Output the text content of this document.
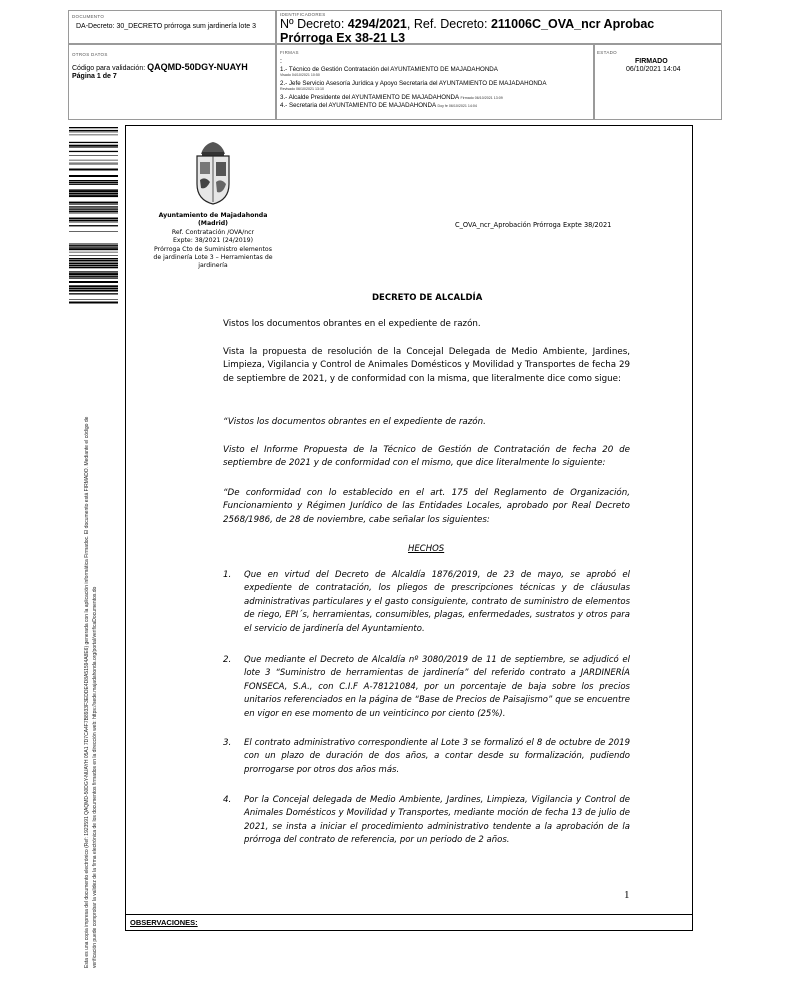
DOCUMENTO
DA-Decreto: 30_DECRETO prórroga sum jardinería lote 3
IDENTIFICADORES
Nº Decreto: 4294/2021, Ref. Decreto: 211006C_OVA_ncr Aprobac
Prórroga Ex 38-21 L3
OTROS DATOS
Código para validación: QAQMD-50DGY-NUAYH
Página 1 de 7
FIRMAS
:
1.- Técnico de Gestión Contratación del AYUNTAMIENTO DE MAJADAHONDA
Visado 04/10/2021 10:50
2.- Jefe Servicio Asesoría Jurídica y Apoyo Secretaría del AYUNTAMIENTO DE MAJADAHONDA
Revisado 06/10/2021 13:10
3.- Alcalde Presidente del AYUNTAMIENTO DE MAJADAHONDA Firmado 06/10/2021 13:09
4.- Secretaria del AYUNTAMIENTO DE MAJADAHONDA Doy fe 06/10/2021 14:04
ESTADO
FIRMADO
06/10/2021 14:04
Esta es una copia impresa del documento electrónico (Ref: 1923591 QAQMD-50DGY-NUAYH 05A1 7D7CA4F7B8933F3EDDE4D8A51594A8E6) generada con la aplicación informática Firmadoc. El documento está FIRMADO. Mediante el código de verificación puede comprobar la validez de la firma electrónica de los documentos firmados en la dirección web: https://sede.majadahonda.org/portal/verificaDocumentos.do
Ayuntamiento de Majadahonda
(Madrid)
Ref. Contratación /OVA/ncr
Expte: 38/2021 (24/2019)
Prórroga Cto de Suministro elementos de jardinería Lote 3 – Herramientas de jardinería
C_OVA_ncr_Aprobación Prórroga Expte 38/2021
DECRETO DE ALCALDÍA
Vistos los documentos obrantes en el expediente de razón.
Vista la propuesta de resolución de la Concejal Delegada de Medio Ambiente, Jardines, Limpieza, Vigilancia y Control de Animales Domésticos y Movilidad y Transportes de fecha 29 de septiembre de 2021, y de conformidad con la misma, que literalmente dice como sigue:
“Vistos los documentos obrantes en el expediente de razón.
Visto el Informe Propuesta de la Técnico de Gestión de Contratación de fecha 20 de septiembre de 2021 y de conformidad con el mismo, que dice literalmente lo siguiente:
“De conformidad con lo establecido en el art. 175 del Reglamento de Organización, Funcionamiento y Régimen Jurídico de las Entidades Locales, aprobado por Real Decreto 2568/1986, de 28 de noviembre, cabe señalar los siguientes:
HECHOS
1. Que en virtud del Decreto de Alcaldía 1876/2019, de 23 de mayo, se aprobó el expediente de contratación, los pliegos de prescripciones técnicas y de cláusulas administrativas particulares y el gasto consiguiente, contrato de suministro de elementos de riego, EPI´s, herramientas, consumibles, plagas, enfermedades, sustratos y otros para el servicio de jardinería del Ayuntamiento.
2. Que mediante el Decreto de Alcaldía nº 3080/2019 de 11 de septiembre, se adjudicó el lote 3 “Suministro de herramientas de jardinería” del referido contrato a JARDINERÍA FONSECA, S.A., con C.I.F A-78121084, por un porcentaje de baja sobre los precios unitarios referenciados en la página de “Base de Precios de Paisajismo” que se encuentre en vigor en ese momento de un veinticinco por ciento (25%).
3. El contrato administrativo correspondiente al Lote 3 se formalizó el 8 de octubre de 2019 con un plazo de duración de dos años, a contar desde su formalización, pudiendo prorrogarse por otros dos años más.
4. Por la Concejal delegada de Medio Ambiente, Jardines, Limpieza, Vigilancia y Control de Animales Domésticos y Movilidad y Transportes, mediante moción de fecha 13 de julio de 2021, se insta a iniciar el procedimiento administrativo tendente a la aprobación de la prórroga del contrato de referencia, por un periodo de 2 años.
1
OBSERVACIONES:
